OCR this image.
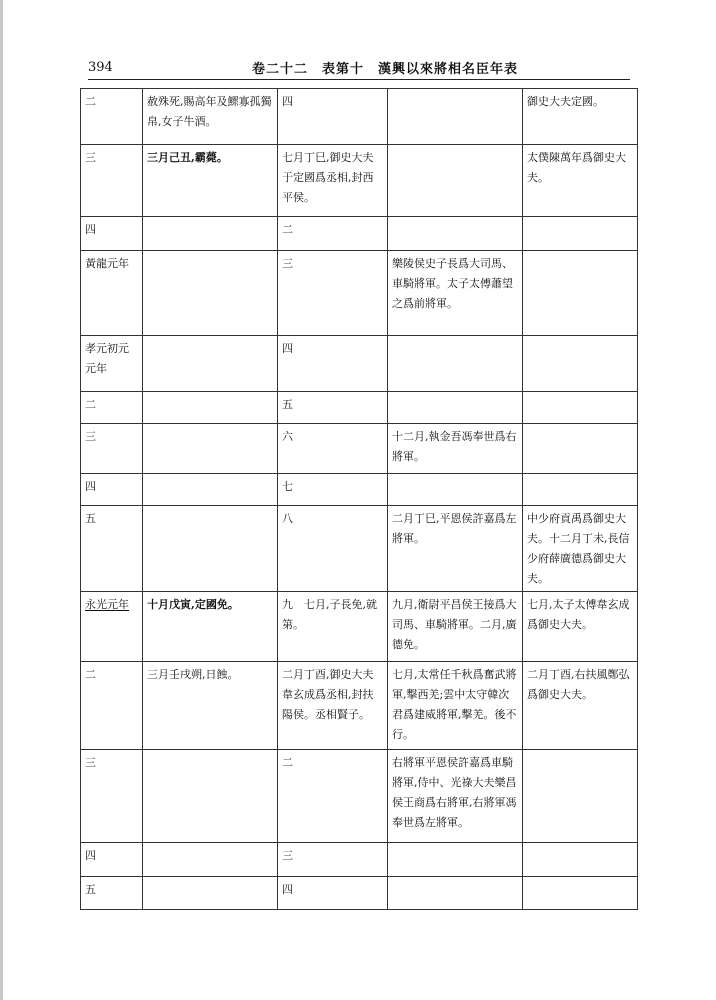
394	卷二十二　表第十　漢興以來將相名臣年表
二	赦殊死,賜高年及鰥寡孤獨帛,女子牛酒。	四		御史大夫定國。
三	三月己丑,霸薨。	七月丁巳,御史大夫于定國爲丞相,封西平侯。		太僕陳萬年爲御史大夫。
四		二		
黃龍元年		三	樂陵侯史子長爲大司馬、車騎將軍。太子太傅蕭望之爲前將軍。	
孝元初元元年		四		
二		五		
三		六	十二月,執金吾馮奉世爲右將軍。	
四		七		
五		八	二月丁巳,平恩侯許嘉爲左將軍。	中少府貢禹爲御史大夫。十二月丁未,長信少府薛廣德爲御史大夫。
永光元年	十月戊寅,定國免。	九　七月,子長免,就第。	九月,衛尉平昌侯王接爲大司馬、車騎將軍。二月,廣德免。	七月,太子太傅韋玄成爲御史大夫。
二	三月壬戌朔,日蝕。	二月丁酉,御史大夫韋玄成爲丞相,封扶陽侯。丞相賢子。	七月,太常任千秋爲奮武將軍,擊西羌;雲中太守韓次君爲建威將軍,擊羌。後不行。	二月丁酉,右扶風鄭弘爲御史大夫。
三		二	右將軍平恩侯許嘉爲車騎將軍,侍中、光祿大夫樂昌侯王商爲右將軍,右將軍馮奉世爲左將軍。	
四		三		
五		四		
